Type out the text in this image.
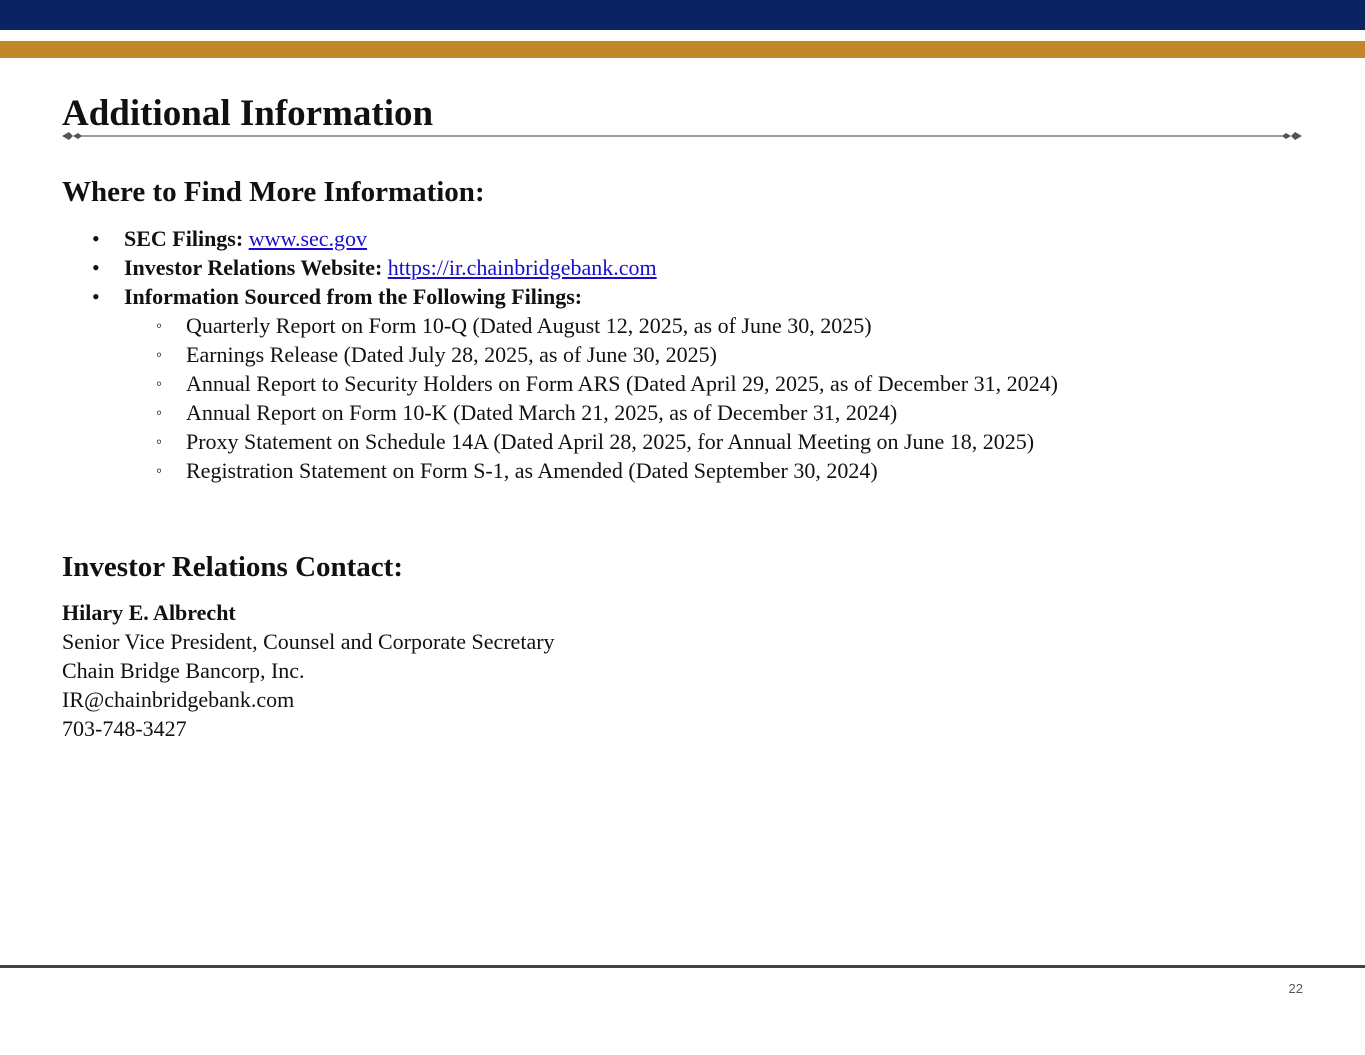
Additional Information
Where to Find More Information:
• SEC Filings: www.sec.gov
• Investor Relations Website: https://ir.chainbridgebank.com
• Information Sourced from the Following Filings:
◦ Quarterly Report on Form 10-Q (Dated August 12, 2025, as of June 30, 2025)
◦ Earnings Release (Dated July 28, 2025, as of June 30, 2025)
◦ Annual Report to Security Holders on Form ARS (Dated April 29, 2025, as of December 31, 2024)
◦ Annual Report on Form 10-K (Dated March 21, 2025, as of December 31, 2024)
◦ Proxy Statement on Schedule 14A (Dated April 28, 2025, for Annual Meeting on June 18, 2025)
◦ Registration Statement on Form S-1, as Amended (Dated September 30, 2024)
Investor Relations Contact:
Hilary E. Albrecht
Senior Vice President, Counsel and Corporate Secretary
Chain Bridge Bancorp, Inc.
IR@chainbridgebank.com
703-748-3427
22
